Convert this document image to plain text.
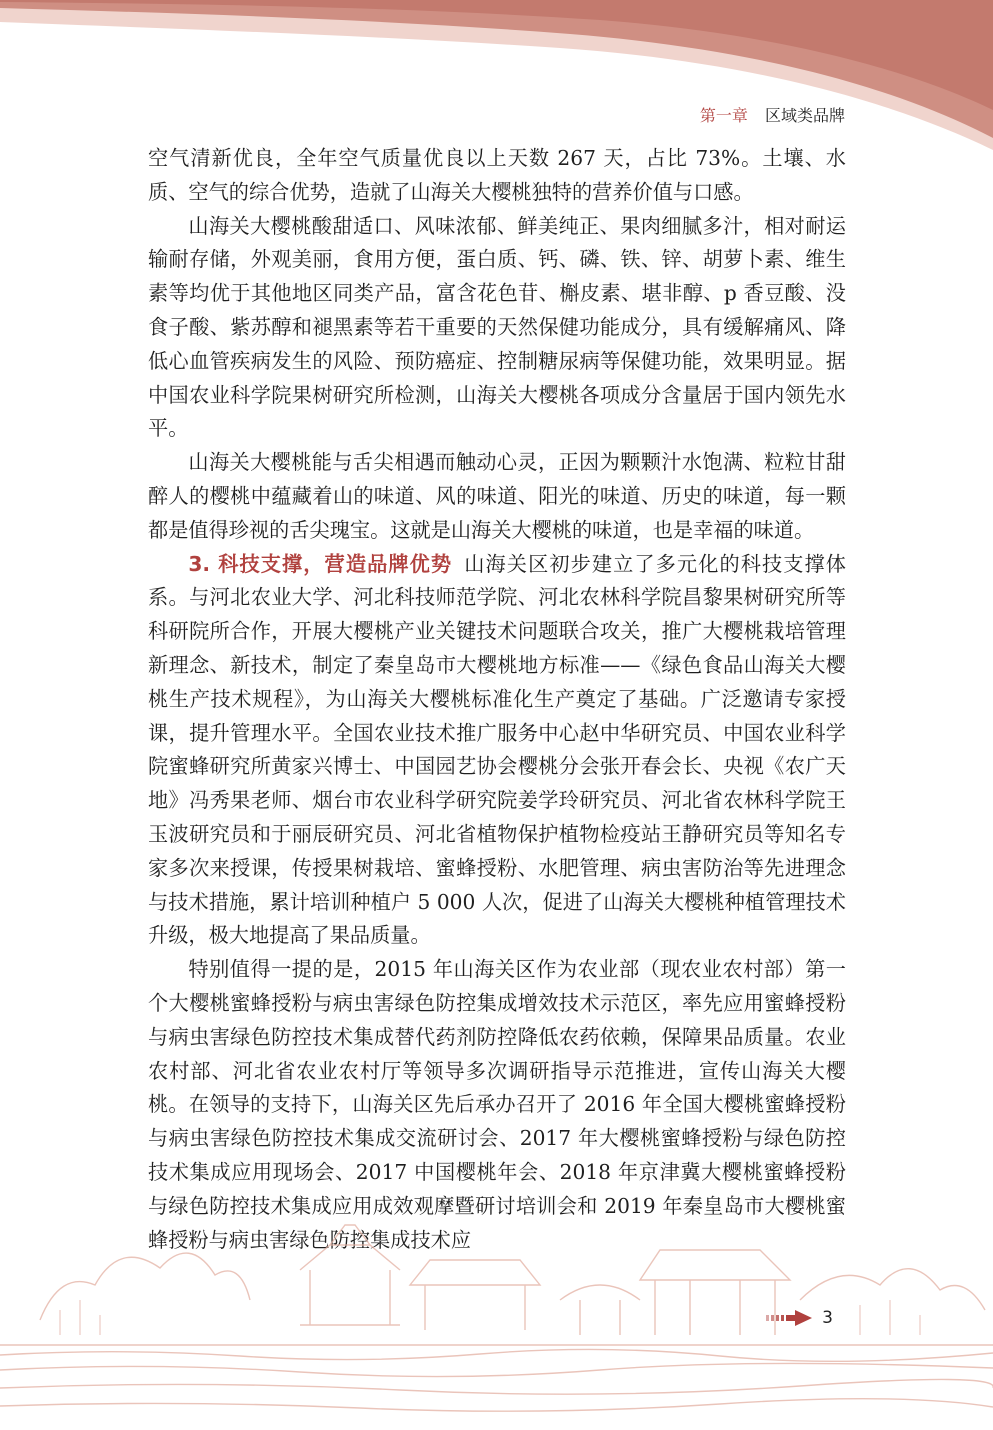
第一章 区域类品牌

空气清新优良，全年空气质量优良以上天数 267 天，占比 73%。土壤、水质、空气的综合优势，造就了山海关大樱桃独特的营养价值与口感。

山海关大樱桃酸甜适口、风味浓郁、鲜美纯正、果肉细腻多汁，相对耐运输耐存储，外观美丽，食用方便，蛋白质、钙、磷、铁、锌、胡萝卜素、维生素等均优于其他地区同类产品，富含花色苷、槲皮素、堪非醇、p 香豆酸、没食子酸、紫苏醇和褪黑素等若干重要的天然保健功能成分，具有缓解痛风、降低心血管疾病发生的风险、预防癌症、控制糖尿病等保健功能，效果明显。据中国农业科学院果树研究所检测，山海关大樱桃各项成分含量居于国内领先水平。

山海关大樱桃能与舌尖相遇而触动心灵，正因为颗颗汁水饱满、粒粒甘甜醉人的樱桃中蕴藏着山的味道、风的味道、阳光的味道、历史的味道，每一颗都是值得珍视的舌尖瑰宝。这就是山海关大樱桃的味道，也是幸福的味道。

3. 科技支撑，营造品牌优势 山海关区初步建立了多元化的科技支撑体系。与河北农业大学、河北科技师范学院、河北农林科学院昌黎果树研究所等科研院所合作，开展大樱桃产业关键技术问题联合攻关，推广大樱桃栽培管理新理念、新技术，制定了秦皇岛市大樱桃地方标准——《绿色食品山海关大樱桃生产技术规程》，为山海关大樱桃标准化生产奠定了基础。广泛邀请专家授课，提升管理水平。全国农业技术推广服务中心赵中华研究员、中国农业科学院蜜蜂研究所黄家兴博士、中国园艺协会樱桃分会张开春会长、央视《农广天地》冯秀果老师、烟台市农业科学研究院姜学玲研究员、河北省农林科学院王玉波研究员和于丽辰研究员、河北省植物保护植物检疫站王静研究员等知名专家多次来授课，传授果树栽培、蜜蜂授粉、水肥管理、病虫害防治等先进理念与技术措施，累计培训种植户 5 000 人次，促进了山海关大樱桃种植管理技术升级，极大地提高了果品质量。

特别值得一提的是，2015 年山海关区作为农业部（现农业农村部）第一个大樱桃蜜蜂授粉与病虫害绿色防控集成增效技术示范区，率先应用蜜蜂授粉与病虫害绿色防控技术集成替代药剂防控降低农药依赖，保障果品质量。农业农村部、河北省农业农村厅等领导多次调研指导示范推进，宣传山海关大樱桃。在领导的支持下，山海关区先后承办召开了 2016 年全国大樱桃蜜蜂授粉与病虫害绿色防控技术集成交流研讨会、2017 年大樱桃蜜蜂授粉与绿色防控技术集成应用现场会、2017 中国樱桃年会、2018 年京津冀大樱桃蜜蜂授粉与绿色防控技术集成应用成效观摩暨研讨培训会和 2019 年秦皇岛市大樱桃蜜蜂授粉与病虫害绿色防控集成技术应

3
